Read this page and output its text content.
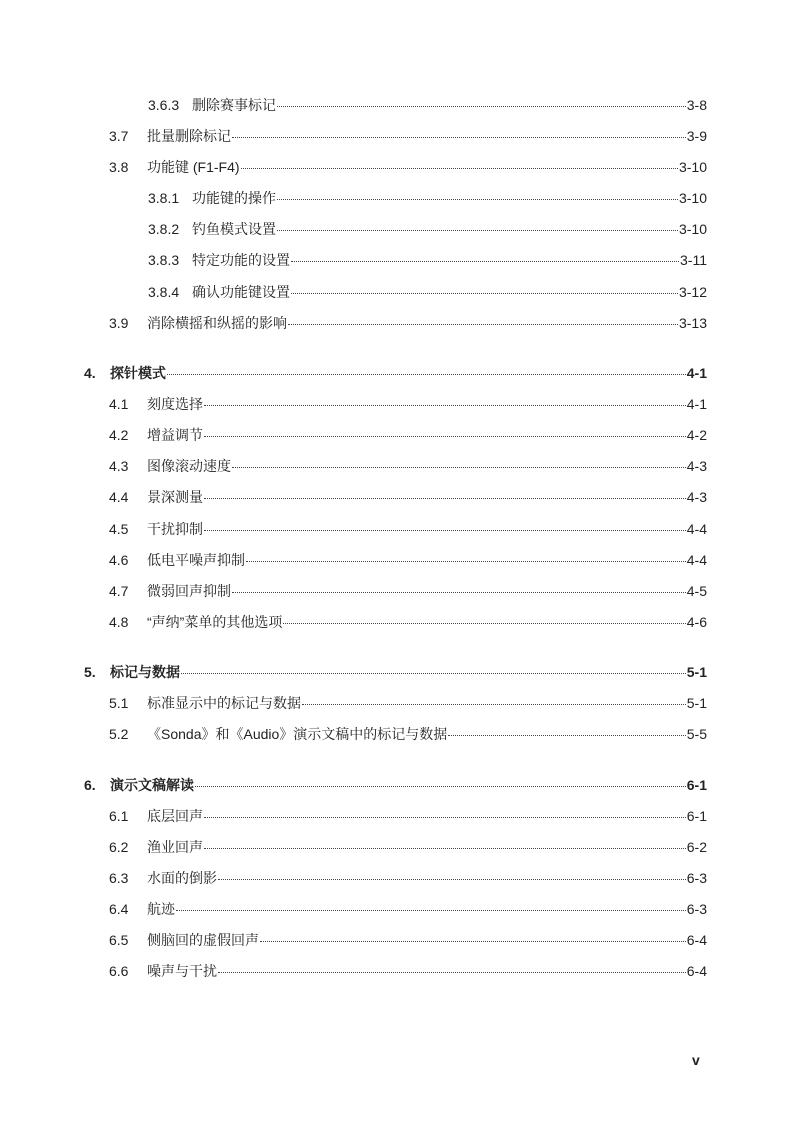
3.6.3 删除赛事标记	3-8
3.7	批量删除标记	3-9
3.8	功能键 (F1-F4)	3-10
3.8.1 功能键的操作	3-10
3.8.2 钓鱼模式设置	3-10
3.8.3 特定功能的设置	3-11
3.8.4 确认功能键设置	3-12
3.9	消除横摇和纵摇的影响	3-13
4.	探针模式	4-1
4.1	刻度选择	4-1
4.2	增益调节	4-2
4.3	图像滚动速度	4-3
4.4	景深测量	4-3
4.5	干扰抑制	4-4
4.6	低电平噪声抑制	4-4
4.7	微弱回声抑制	4-5
4.8	“声纳”菜单的其他选项	4-6
5.	标记与数据	5-1
5.1	标准显示中的标记与数据	5-1
5.2	《Sonda》和《Audio》演示文稿中的标记与数据	5-5
6.	演示文稿解读	6-1
6.1	底层回声	6-1
6.2	渔业回声	6-2
6.3	水面的倒影	6-3
6.4	航迹	6-3
6.5	侧脑回的虚假回声	6-4
6.6	噪声与干扰	6-4
v
